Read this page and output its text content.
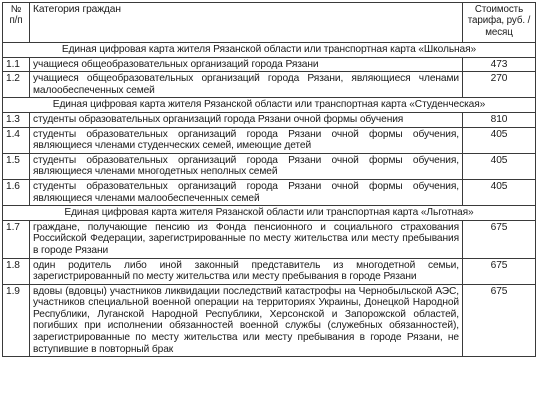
№ п/п	Категория граждан	Стоимость тарифа, руб. / месяц
Единая цифровая карта жителя Рязанской области или транспортная карта «Школьная»		
1.1	учащиеся общеобразовательных организаций города Рязани	473
1.2	учащиеся общеобразовательных организаций города Рязани, являющиеся членами малообеспеченных семей	270
Единая цифровая карта жителя Рязанской области или транспортная карта «Студенческая»		
1.3	студенты образовательных организаций города Рязани очной формы обучения	810
1.4	студенты образовательных организаций города Рязани очной формы обучения, являющиеся членами студенческих семей, имеющие детей	405
1.5	студенты образовательных организаций города Рязани очной формы обучения, являющиеся членами многодетных неполных семей	405
1.6	студенты образовательных организаций города Рязани очной формы обучения, являющиеся членами малообеспеченных семей	405
Единая цифровая карта жителя Рязанской области или транспортная карта «Льготная»		
1.7	граждане, получающие пенсию из Фонда пенсионного и социального страхования Российской Федерации, зарегистрированные по месту жительства или месту пребывания в городе Рязани	675
1.8	один родитель либо иной законный представитель из многодетной семьи, зарегистрированный по месту жительства или месту пребывания в городе Рязани	675
1.9	вдовы (вдовцы) участников ликвидации последствий катастрофы на Чернобыльской АЭС, участников специальной военной операции на территориях Украины, Донецкой Народной Республики, Луганской Народной Республики, Херсонской и Запорожской областей, погибших при исполнении обязанностей военной службы (служебных обязанностей), зарегистрированные по месту жительства или месту пребывания в городе Рязани, не вступившие в повторный брак	675
